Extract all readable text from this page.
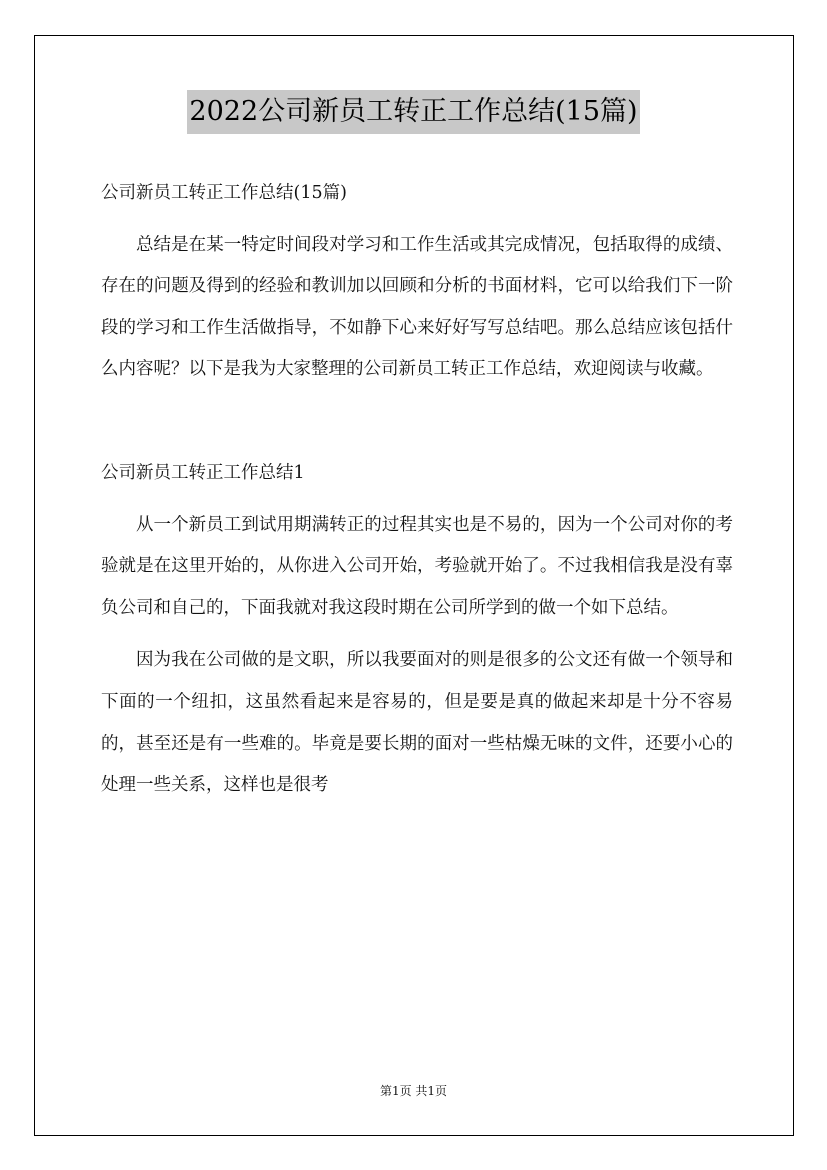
2022公司新员工转正工作总结(15篇)

公司新员工转正工作总结(15篇)

总结是在某一特定时间段对学习和工作生活或其完成情况，包括取得的成绩、存在的问题及得到的经验和教训加以回顾和分析的书面材料，它可以给我们下一阶段的学习和工作生活做指导，不如静下心来好好写写总结吧。那么总结应该包括什么内容呢？以下是我为大家整理的公司新员工转正工作总结，欢迎阅读与收藏。

公司新员工转正工作总结1

从一个新员工到试用期满转正的过程其实也是不易的，因为一个公司对你的考验就是在这里开始的，从你进入公司开始，考验就开始了。不过我相信我是没有辜负公司和自己的，下面我就对我这段时期在公司所学到的做一个如下总结。

因为我在公司做的是文职，所以我要面对的则是很多的公文还有做一个领导和下面的一个纽扣，这虽然看起来是容易的，但是要是真的做起来却是十分不容易的，甚至还是有一些难的。毕竟是要长期的面对一些枯燥无味的文件，还要小心的处理一些关系，这样也是很考

第1页 共1页
